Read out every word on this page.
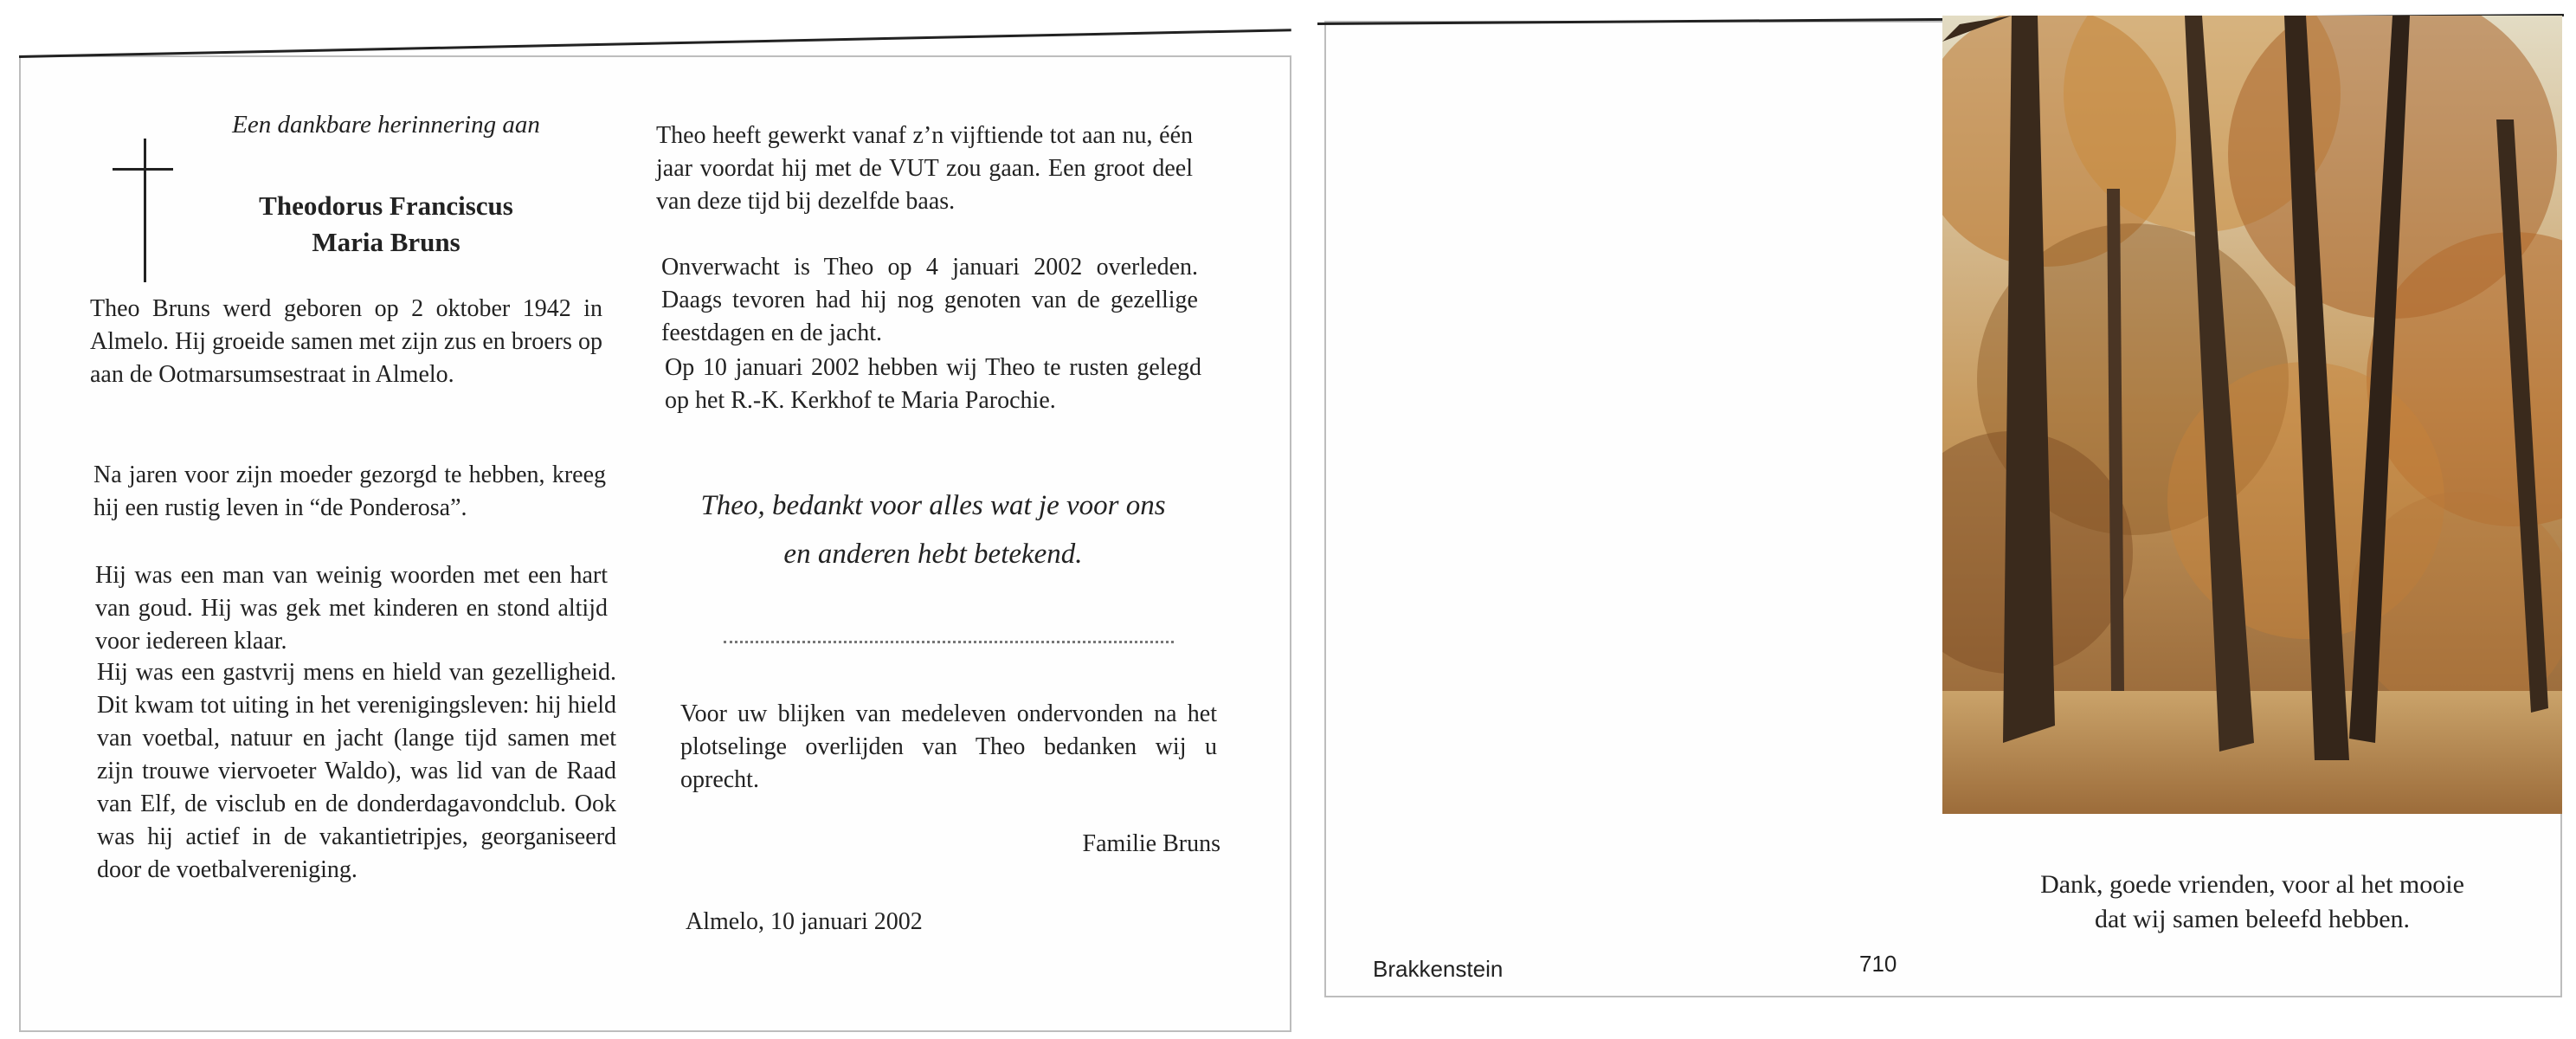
Een dankbare herinnering aan
Theodorus Franciscus
Maria Bruns
Theo Bruns werd geboren op 2 oktober 1942 in Almelo. Hij groeide samen met zijn zus en broers op aan de Ootmarsumsestraat in Almelo.
Na jaren voor zijn moeder gezorgd te hebben, kreeg hij een rustig leven in “de Ponderosa”.
Hij was een man van weinig woorden met een hart van goud. Hij was gek met kinderen en stond altijd voor iedereen klaar.
Hij was een gastvrij mens en hield van gezelligheid. Dit kwam tot uiting in het verenigingsleven: hij hield van voetbal, natuur en jacht (lange tijd samen met zijn trouwe viervoeter Waldo), was lid van de Raad van Elf, de visclub en de donderdagavondclub. Ook was hij actief in de vakantietripjes, georganiseerd door de voetbalvereniging.
Theo heeft gewerkt vanaf z’n vijftiende tot aan nu, één jaar voordat hij met de VUT zou gaan. Een groot deel van deze tijd bij dezelfde baas.
Onverwacht is Theo op 4 januari 2002 overleden. Daags tevoren had hij nog genoten van de gezellige feestdagen en de jacht.
Op 10 januari 2002 hebben wij Theo te rusten gelegd op het R.-K. Kerkhof te Maria Parochie.
Theo, bedankt voor alles wat je voor ons
en anderen hebt betekend.
Voor uw blijken van medeleven ondervonden na het plotselinge overlijden van Theo bedanken wij u oprecht.
Familie Bruns
Almelo, 10 januari 2002
Dank, goede vrienden, voor al het mooie
dat wij samen beleefd hebben.
Brakkenstein	710
